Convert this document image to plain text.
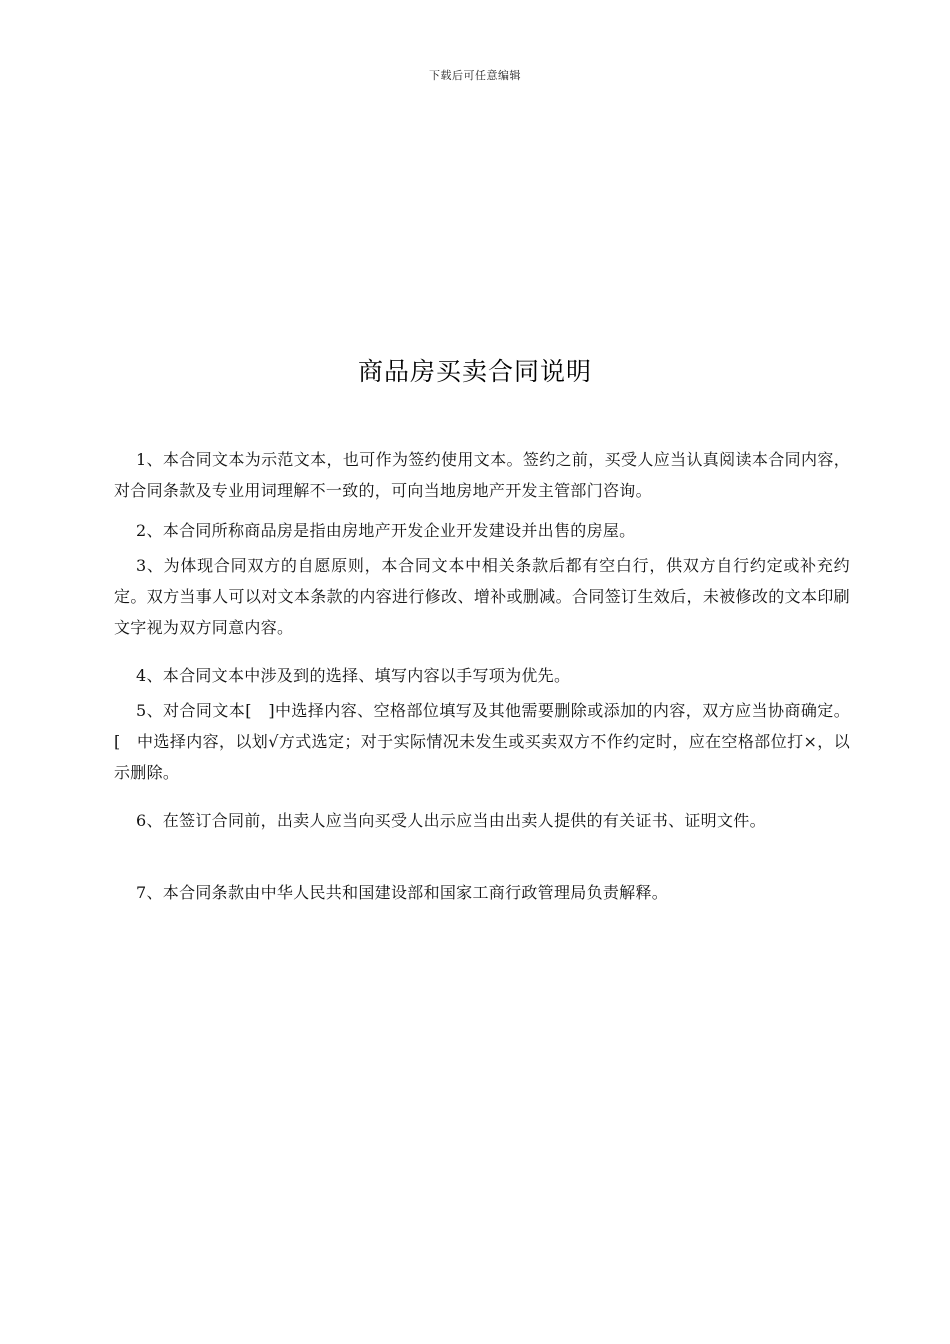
下载后可任意编辑
商品房买卖合同说明

1、本合同文本为示范文本，也可作为签约使用文本。签约之前，买受人应当认真阅读本合同内容，对合同条款及专业用词理解不一致的，可向当地房地产开发主管部门咨询。

2、本合同所称商品房是指由房地产开发企业开发建设并出售的房屋。

3、为体现合同双方的自愿原则，本合同文本中相关条款后都有空白行，供双方自行约定或补充约定。双方当事人可以对文本条款的内容进行修改、增补或删减。合同签订生效后，未被修改的文本印刷文字视为双方同意内容。

4、本合同文本中涉及到的选择、填写内容以手写项为优先。

5、对合同文本[　]中选择内容、空格部位填写及其他需要删除或添加的内容，双方应当协商确定。[　中选择内容，以划√方式选定；对于实际情况未发生或买卖双方不作约定时，应在空格部位打×，以示删除。

6、在签订合同前，出卖人应当向买受人出示应当由出卖人提供的有关证书、证明文件。

7、本合同条款由中华人民共和国建设部和国家工商行政管理局负责解释。
